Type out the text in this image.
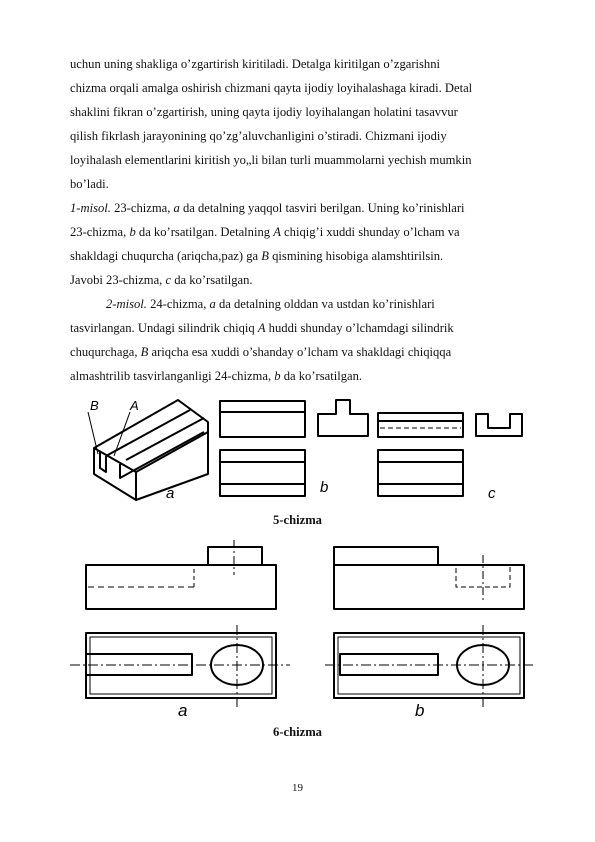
uchun uning shakliga o’zgartirish kiritiladi. Detalga kiritilgan o’zgarishni
chizma orqali amalga oshirish chizmani qayta ijodiy loyihalashaga kiradi. Detal
shaklini fikran o’zgartirish, uning qayta ijodiy loyihalangan holatini tasavvur
qilish fikrlash jarayonining qo’zg’aluvchanligini o’stiradi. Chizmani ijodiy
loyihalash elementlarini kiritish yo„li bilan turli muammolarni yechish mumkin
bo’ladi.
1-misol. 23-chizma, a da detalning yaqqol tasviri berilgan. Uning ko’rinishlari
23-chizma, b da ko’rsatilgan. Detalning A chiqig’i xuddi shunday o’lcham va
shakldagi chuqurcha (ariqcha,paz) ga B qismining hisobiga alamshtirilsin.
Javobi 23-chizma, c da ko’rsatilgan.
2-misol. 24-chizma, a da detalning olddan va ustdan ko’rinishlari
tasvirlangan. Undagi silindrik chiqiq A huddi shunday o’lchamdagi silindrik
chuqurchaga, B ariqcha esa xuddi o’shanday o’lcham va shakldagi chiqiqqa
almashtrilib tasvirlanganligi 24-chizma, b da ko’rsatilgan.
B A
a	b	c
5-chizma
a	b
6-chizma
19
